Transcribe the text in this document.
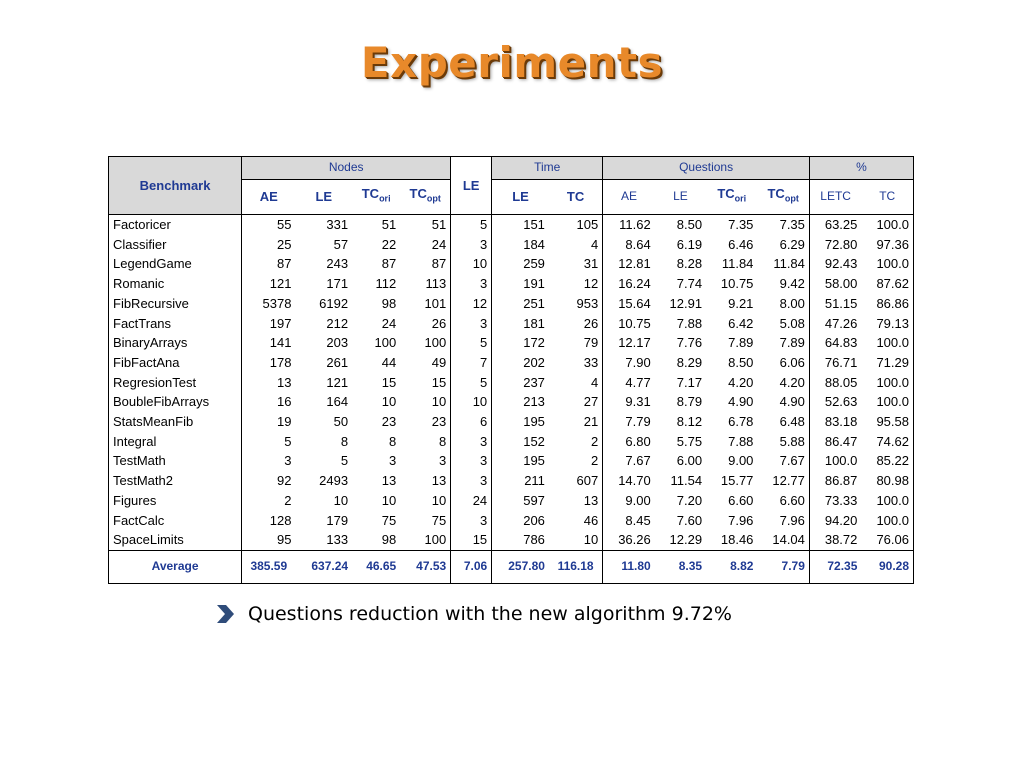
Experiments
Benchmark	Nodes				LE	Time		Questions				%	
	AE	LE	$TC_{ori}$	$TC_{opt}$		LE	TC	AE	LE	$TC_{ori}$	$TC_{opt}$	LETC	TC
Factoricer	55	331	51	51	5	151	105	11.62	8.50	7.35	7.35	63.25	100.0
Classifier	25	57	22	24	3	184	4	8.64	6.19	6.46	6.29	72.80	97.36
LegendGame	87	243	87	87	10	259	31	12.81	8.28	11.84	11.84	92.43	100.0
Romanic	121	171	112	113	3	191	12	16.24	7.74	10.75	9.42	58.00	87.62
FibRecursive	5378	6192	98	101	12	251	953	15.64	12.91	9.21	8.00	51.15	86.86
FactTrans	197	212	24	26	3	181	26	10.75	7.88	6.42	5.08	47.26	79.13
BinaryArrays	141	203	100	100	5	172	79	12.17	7.76	7.89	7.89	64.83	100.0
FibFactAna	178	261	44	49	7	202	33	7.90	8.29	8.50	6.06	76.71	71.29
RegresionTest	13	121	15	15	5	237	4	4.77	7.17	4.20	4.20	88.05	100.0
BoubleFibArrays	16	164	10	10	10	213	27	9.31	8.79	4.90	4.90	52.63	100.0
StatsMeanFib	19	50	23	23	6	195	21	7.79	8.12	6.78	6.48	83.18	95.58
Integral	5	8	8	8	3	152	2	6.80	5.75	7.88	5.88	86.47	74.62
TestMath	3	5	3	3	3	195	2	7.67	6.00	9.00	7.67	100.0	85.22
TestMath2	92	2493	13	13	3	211	607	14.70	11.54	15.77	12.77	86.87	80.98
Figures	2	10	10	10	24	597	13	9.00	7.20	6.60	6.60	73.33	100.0
FactCalc	128	179	75	75	3	206	46	8.45	7.60	7.96	7.96	94.20	100.0
SpaceLimits	95	133	98	100	15	786	10	36.26	12.29	18.46	14.04	38.72	76.06
Average	385.59	637.24	46.65	47.53	7.06	257.80	116.18	11.80	8.35	8.82	7.79	72.35	90.28
Questions reduction with the new algorithm 9.72%
